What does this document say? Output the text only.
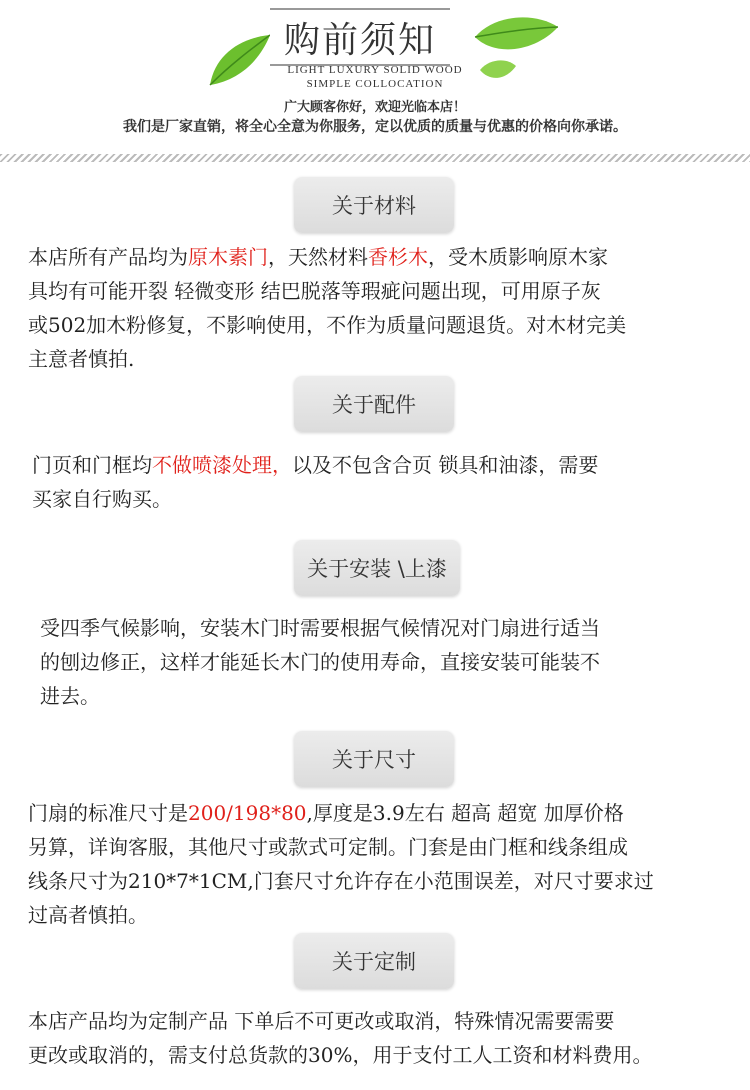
购前须知
LIGHT LUXURY SOLID WOOD
SIMPLE COLLOCATION
广大顾客你好，欢迎光临本店！
我们是厂家直销，将全心全意为你服务，定以优质的质量与优惠的价格向你承诺。
关于材料
本店所有产品均为原木素门，天然材料香杉木，受木质影响原木家
具均有可能开裂 轻微变形 结巴脱落等瑕疵问题出现，可用原子灰
或502加木粉修复，不影响使用，不作为质量问题退货。对木材完美
主意者慎拍.
关于配件
门页和门框均不做喷漆处理，以及不包含合页 锁具和油漆，需要
买家自行购买。
关于安装 \上漆
受四季气候影响，安装木门时需要根据气候情况对门扇进行适当
的刨边修正，这样才能延长木门的使用寿命，直接安装可能装不
进去。
关于尺寸
门扇的标准尺寸是200/198*80,厚度是3.9左右 超高 超宽 加厚价格
另算，详询客服，其他尺寸或款式可定制。门套是由门框和线条组成
线条尺寸为210*7*1CM,门套尺寸允许存在小范围误差，对尺寸要求过
过高者慎拍。
关于定制
本店产品均为定制产品 下单后不可更改或取消，特殊情况需要需要
更改或取消的，需支付总货款的30%，用于支付工人工资和材料费用。
